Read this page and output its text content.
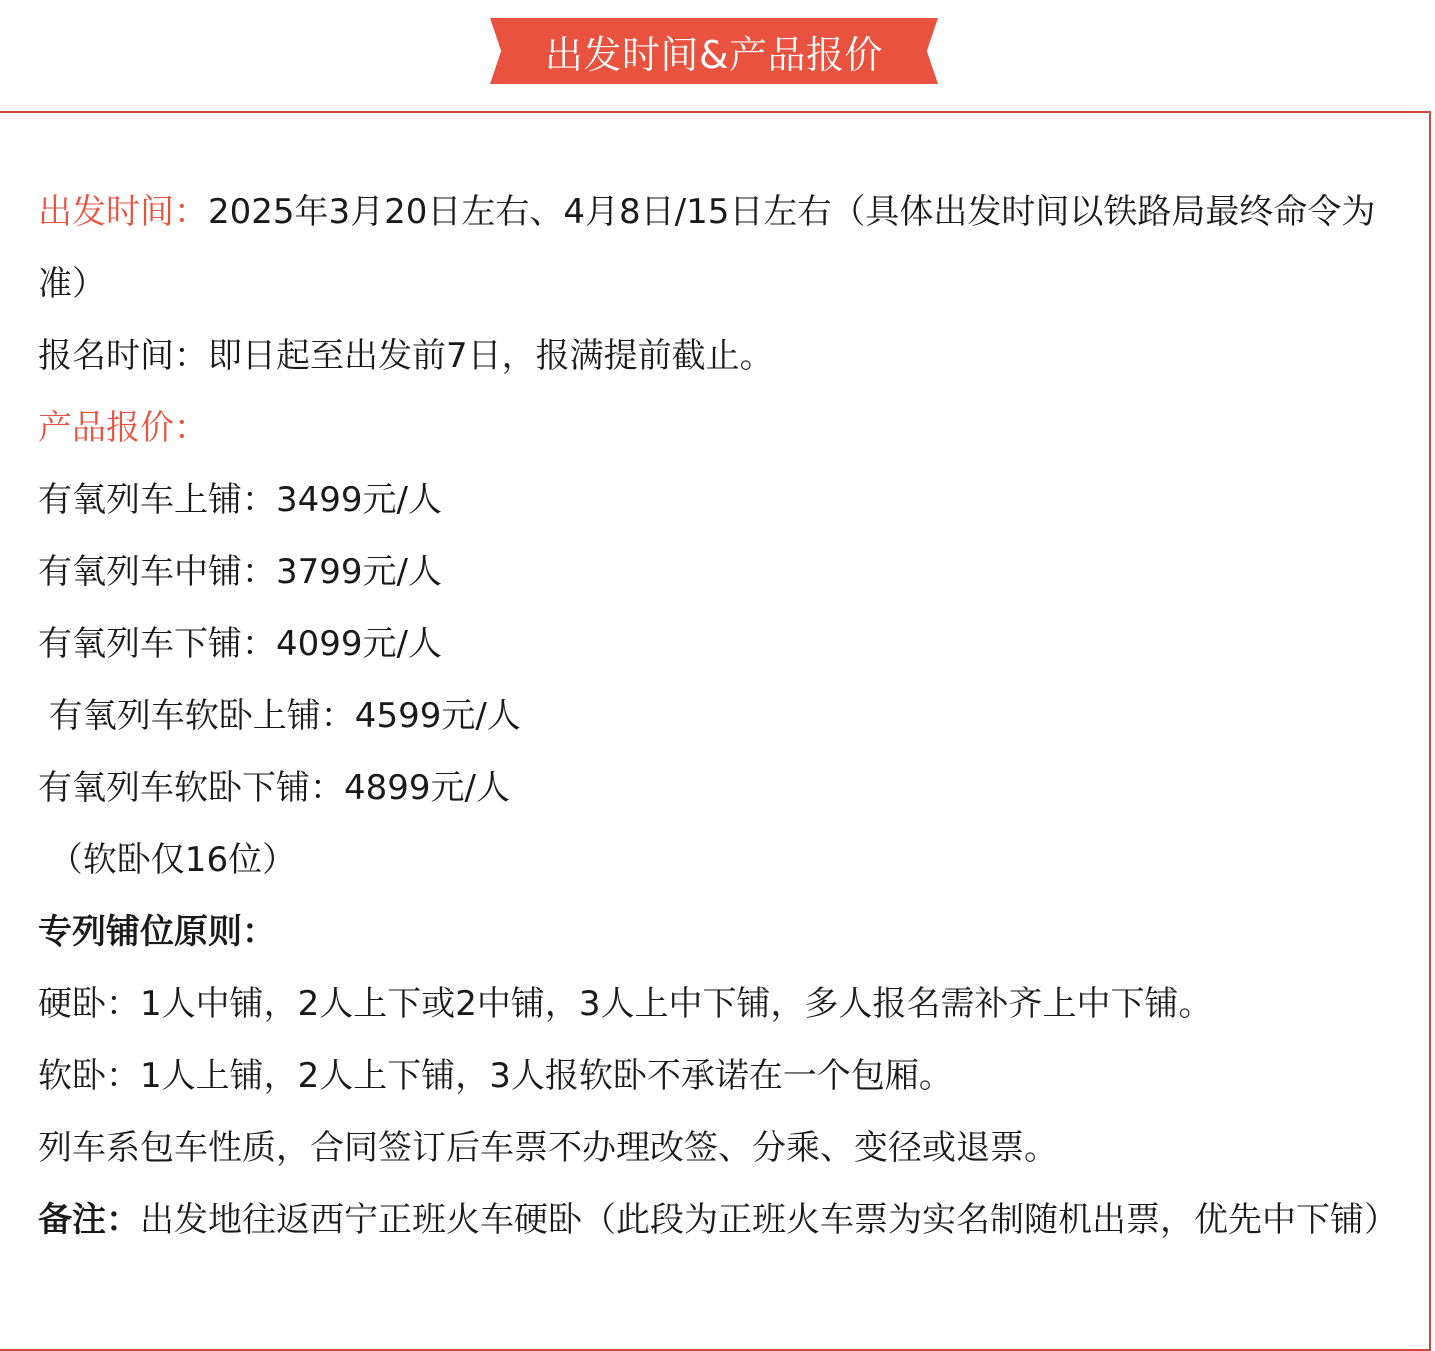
出发时间&产品报价
出发时间：2025年3月20日左右、4月8日/15日左右（具体出发时间以铁路局最终命令为准）
报名时间：即日起至出发前7日，报满提前截止。
产品报价：
有氧列车上铺：3499元/人
有氧列车中铺：3799元/人
有氧列车下铺：4099元/人
有氧列车软卧上铺：4599元/人
有氧列车软卧下铺：4899元/人
（软卧仅16位）
专列铺位原则：
硬卧：1人中铺，2人上下或2中铺，3人上中下铺，多人报名需补齐上中下铺。
软卧：1人上铺，2人上下铺，3人报软卧不承诺在一个包厢。
列车系包车性质，合同签订后车票不办理改签、分乘、变径或退票。
备注：出发地往返西宁正班火车硬卧（此段为正班火车票为实名制随机出票，优先中下铺）
